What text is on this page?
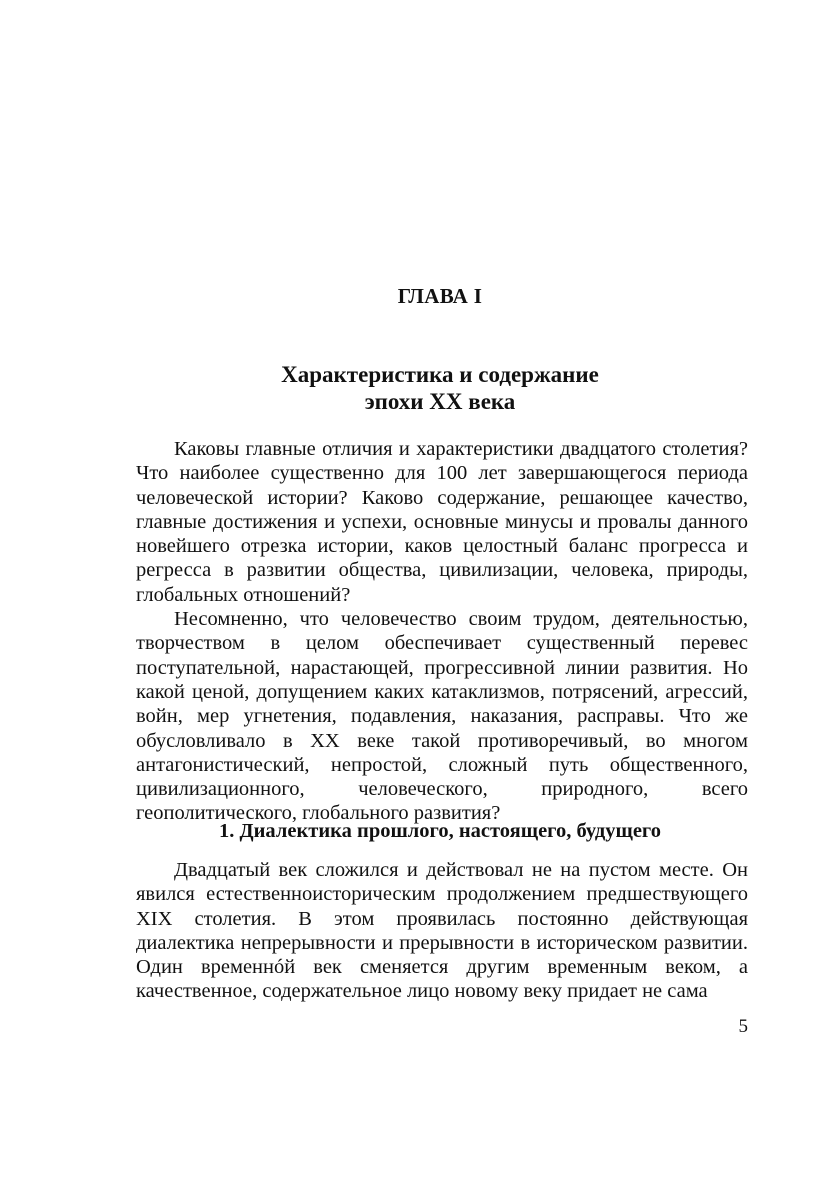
ГЛАВА I
Характеристика и содержание
эпохи XX века

Каковы главные отличия и характеристики двадцатого столетия? Что наиболее существенно для 100 лет завершающегося периода человеческой истории? Каково содержание, решающее качество, главные достижения и успехи, основные минусы и провалы данного новейшего отрезка истории, каков целостный баланс прогресса и регресса в развитии общества, цивилизации, человека, природы, глобальных отношений?

Несомненно, что человечество своим трудом, деятельностью, творчеством в целом обеспечивает существенный перевес поступательной, нарастающей, прогрессивной линии развития. Но какой ценой, допущением каких катаклизмов, потрясений, агрессий, войн, мер угнетения, подавления, наказания, расправы. Что же обусловливало в XX веке такой противоречивый, во многом антагонистический, непростой, сложный путь общественного, цивилизационного, человеческого, природного, всего геополитического, глобального развития?

1. Диалектика прошлого, настоящего, будущего

Двадцатый век сложился и действовал не на пустом месте. Он явился естественноисторическим продолжением предшествующего XIX столетия. В этом проявилась постоянно действующая диалектика непрерывности и прерывности в историческом развитии. Один временнóй век сменяется другим временным веком, а качественное, содержательное лицо новому веку придает не сама

5
